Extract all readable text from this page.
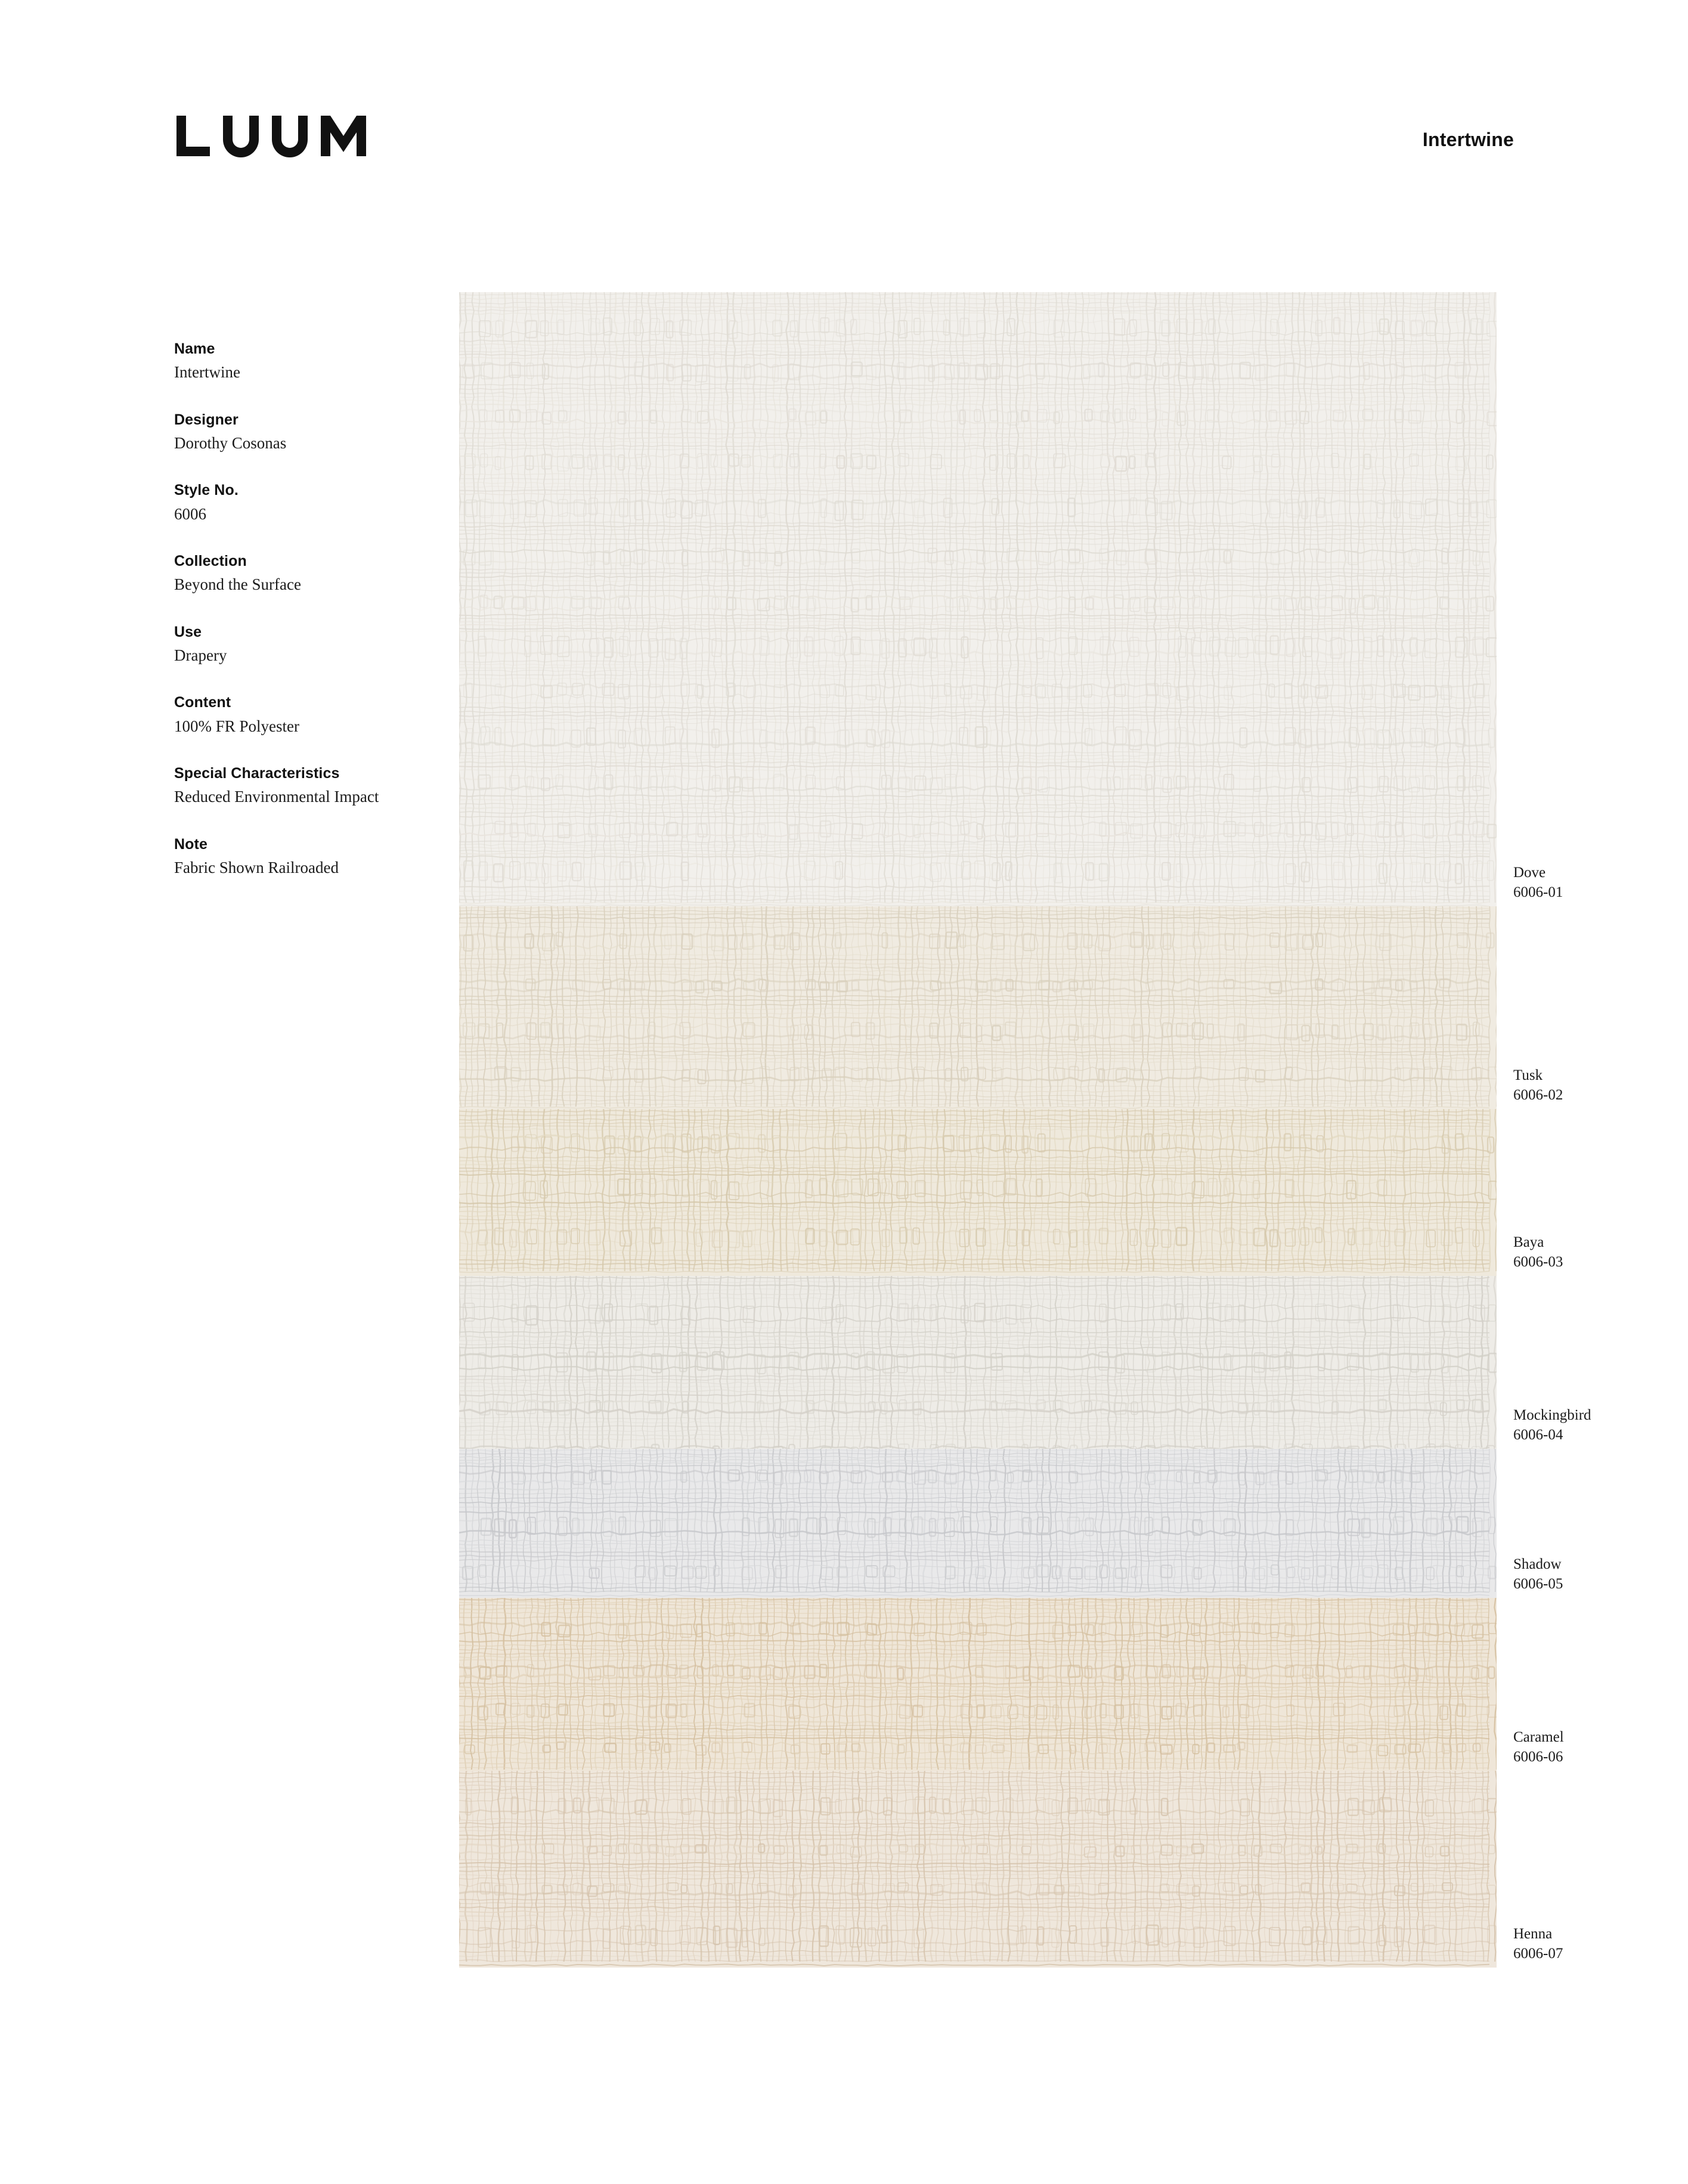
Intertwine
Name
Intertwine
Designer
Dorothy Cosonas
Style No.
6006
Collection
Beyond the Surface
Use
Drapery
Content
100% FR Polyester
Special Characteristics
Reduced Environmental Impact
Note
Fabric Shown Railroaded	Dove
6006-01
Tusk
6006-02
Baya
6006-03
Mockingbird
6006-04
Shadow
6006-05
Caramel
6006-06
Henna
6006-07
